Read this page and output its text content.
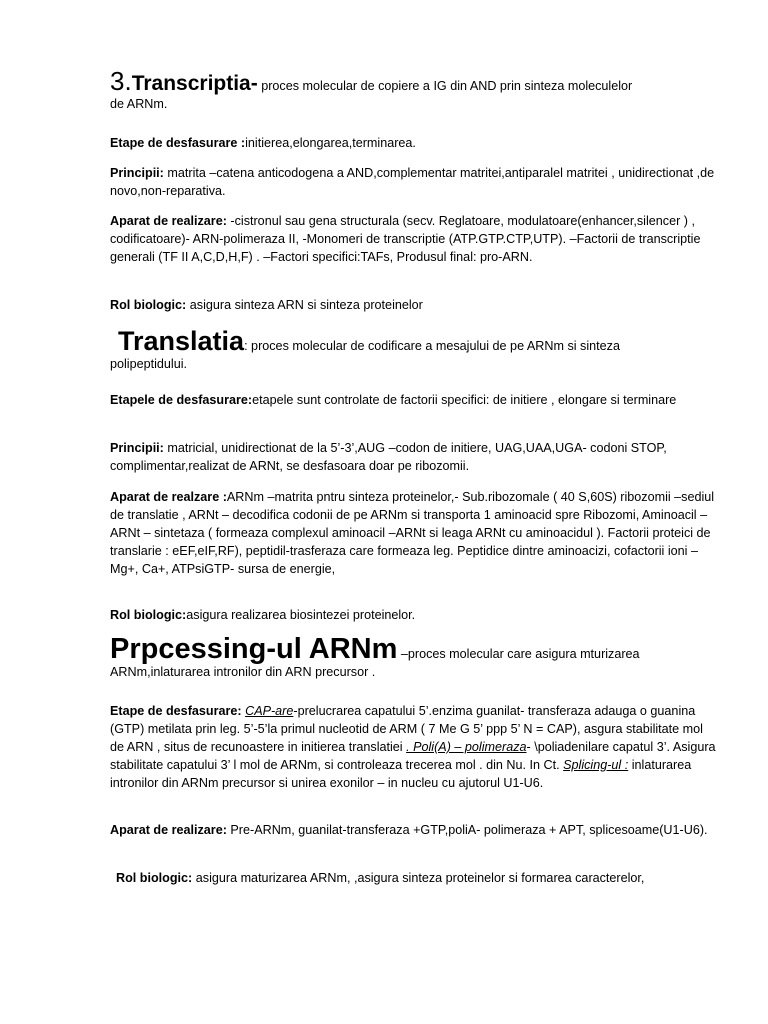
3.Transcriptia- proces molecular de copiere a IG din AND prin sinteza moleculelor
de ARNm.
Etape de desfasurare :initierea,elongarea,terminarea.
Principii: matrita –catena anticodogena a AND,complementar matritei,antiparalel matritei , unidirectionat ,de novo,non-reparativa.
Aparat de realizare: -cistronul sau gena structurala (secv. Reglatoare, modulatoare(enhancer,silencer ) , codificatoare)- ARN-polimeraza II, -Monomeri de transcriptie (ATP.GTP.CTP,UTP). –Factorii de transcriptie generali (TF II A,C,D,H,F) . –Factori specifici:TAFs, Produsul final: pro-ARN.
Rol biologic: asigura sinteza ARN si sinteza proteinelor
Translatia: proces molecular de codificare a mesajului de pe ARNm si sinteza
polipeptidului.
Etapele de desfasurare:etapele sunt controlate de factorii specifici: de initiere , elongare si terminare
Principii: matricial, unidirectionat de la 5’-3’,AUG –codon de initiere, UAG,UAA,UGA- codoni STOP, complimentar,realizat de ARNt, se desfasoara doar pe ribozomii.
Aparat de realzare :ARNm –matrita pntru sinteza proteinelor,- Sub.ribozomale ( 40 S,60S) ribozomii –sediul de translatie , ARNt – decodifica codonii de pe ARNm si transporta 1 aminoacid spre Ribozomi, Aminoacil –ARNt – sintetaza ( formeaza complexul aminoacil –ARNt si leaga ARNt cu aminoacidul ). Factorii proteici de translarie : eEF,eIF,RF), peptidil-trasferaza care formeaza leg. Peptidice dintre aminoacizi, cofactorii ioni –Mg+, Ca+, ATPsiGTP- sursa de energie,
Rol biologic:asigura realizarea biosintezei proteinelor.
Prpcessing-ul ARNm –proces molecular care asigura mturizarea
ARNm,inlaturarea intronilor din ARN precursor .
Etape de desfasurare: CAP-are-prelucrarea capatului 5’.enzima guanilat- transferaza adauga o guanina (GTP) metilata prin leg. 5’-5’la primul nucleotid de ARM ( 7 Me G 5’ ppp 5’ N = CAP), asgura stabilitate mol de ARN , situs de recunoastere in initierea translatiei . Poli(A) – polimeraza- \poliadenilare capatul 3’. Asigura stabilitate capatului 3’ l mol de ARNm, si controleaza trecerea mol . din Nu. In Ct. Splicing-ul : inlaturarea intronilor din ARNm precursor si unirea exonilor – in nucleu cu ajutorul U1-U6.
Aparat de realizare: Pre-ARNm, guanilat-transferaza +GTP,poliA- polimeraza + APT, splicesoame(U1-U6).
Rol biologic: asigura maturizarea ARNm, ,asigura sinteza proteinelor si formarea caracterelor,
